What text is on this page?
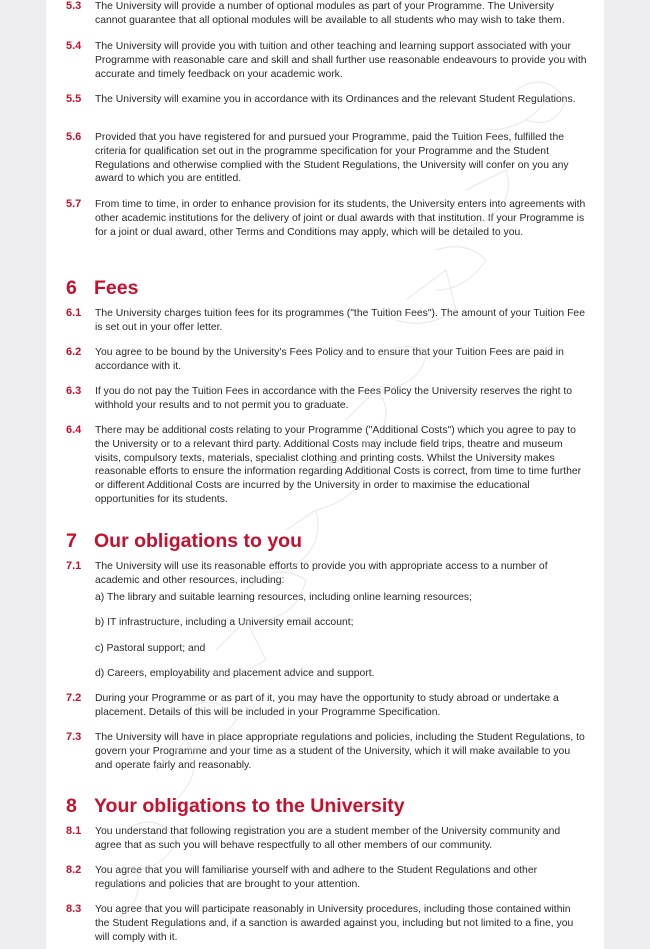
5.3 The University will provide a number of optional modules as part of your Programme. The University cannot guarantee that all optional modules will be available to all students who may wish to take them.
5.4 The University will provide you with tuition and other teaching and learning support associated with your Programme with reasonable care and skill and shall further use reasonable endeavours to provide you with accurate and timely feedback on your academic work.
5.5 The University will examine you in accordance with its Ordinances and the relevant Student Regulations.
5.6 Provided that you have registered for and pursued your Programme, paid the Tuition Fees, fulfilled the criteria for qualification set out in the programme specification for your Programme and the Student Regulations and otherwise complied with the Student Regulations, the University will confer on you any award to which you are entitled.
5.7 From time to time, in order to enhance provision for its students, the University enters into agreements with other academic institutions for the delivery of joint or dual awards with that institution. If your Programme is for a joint or dual award, other Terms and Conditions may apply, which will be detailed to you.
6 Fees
6.1 The University charges tuition fees for its programmes ("the Tuition Fees"). The amount of your Tuition Fee is set out in your offer letter.
6.2 You agree to be bound by the University's Fees Policy and to ensure that your Tuition Fees are paid in accordance with it.
6.3 If you do not pay the Tuition Fees in accordance with the Fees Policy the University reserves the right to withhold your results and to not permit you to graduate.
6.4 There may be additional costs relating to your Programme ("Additional Costs") which you agree to pay to the University or to a relevant third party. Additional Costs may include field trips, theatre and museum visits, compulsory texts, materials, specialist clothing and printing costs. Whilst the University makes reasonable efforts to ensure the information regarding Additional Costs is correct, from time to time further or different Additional Costs are incurred by the University in order to maximise the educational opportunities for its students.
7 Our obligations to you
7.1 The University will use its reasonable efforts to provide you with appropriate access to a number of academic and other resources, including:
a) The library and suitable learning resources, including online learning resources;
b) IT infrastructure, including a University email account;
c) Pastoral support; and
d) Careers, employability and placement advice and support.
7.2 During your Programme or as part of it, you may have the opportunity to study abroad or undertake a placement. Details of this will be included in your Programme Specification.
7.3 The University will have in place appropriate regulations and policies, including the Student Regulations, to govern your Programme and your time as a student of the University, which it will make available to you and operate fairly and reasonably.
8 Your obligations to the University
8.1 You understand that following registration you are a student member of the University community and agree that as such you will behave respectfully to all other members of our community.
8.2 You agree that you will familiarise yourself with and adhere to the Student Regulations and other regulations and policies that are brought to your attention.
8.3 You agree that you will participate reasonably in University procedures, including those contained within the Student Regulations and, if a sanction is awarded against you, including but not limited to a fine, you will comply with it.
